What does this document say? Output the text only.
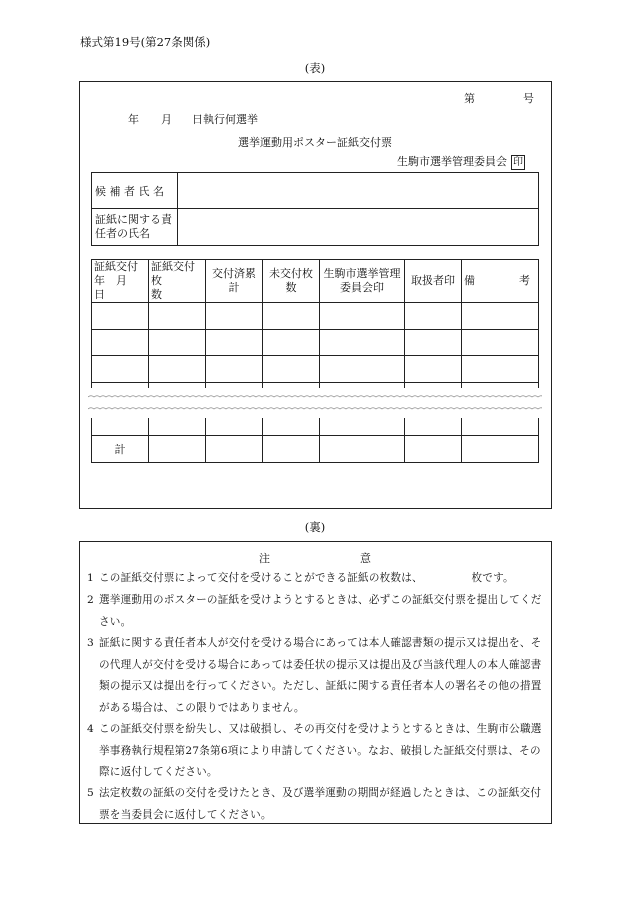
様式第19号(第27条関係)
(表)
第	号
年 月 日執行何選挙
選挙運動用ポスター証紙交付票
生駒市選挙管理委員会 印
候 補 者 氏 名	
証紙に関する責任者の氏名	
証紙交付年　月　日	証紙交付枚　　　数	交付済累計	未交付枚数	生駒市選挙管理委員会印	取扱者印	備　　　　考

計						
(裏)
注	意
1 この証紙交付票によって交付を受けることができる証紙の枚数は、　　　　　枚です。
2 選挙運動用のポスターの証紙を受けようとするときは、必ずこの証紙交付票を提出してください。
3 証紙に関する責任者本人が交付を受ける場合にあっては本人確認書類の提示又は提出を、その代理人が交付を受ける場合にあっては委任状の提示又は提出及び当該代理人の本人確認書類の提示又は提出を行ってください。ただし、証紙に関する責任者本人の署名その他の措置がある場合は、この限りではありません。
4 この証紙交付票を紛失し、又は破損し、その再交付を受けようとするときは、生駒市公職選挙事務執行規程第27条第6項により申請してください。なお、破損した証紙交付票は、その際に返付してください。
5 法定枚数の証紙の交付を受けたとき、及び選挙運動の期間が経過したときは、この証紙交付票を当委員会に返付してください。
